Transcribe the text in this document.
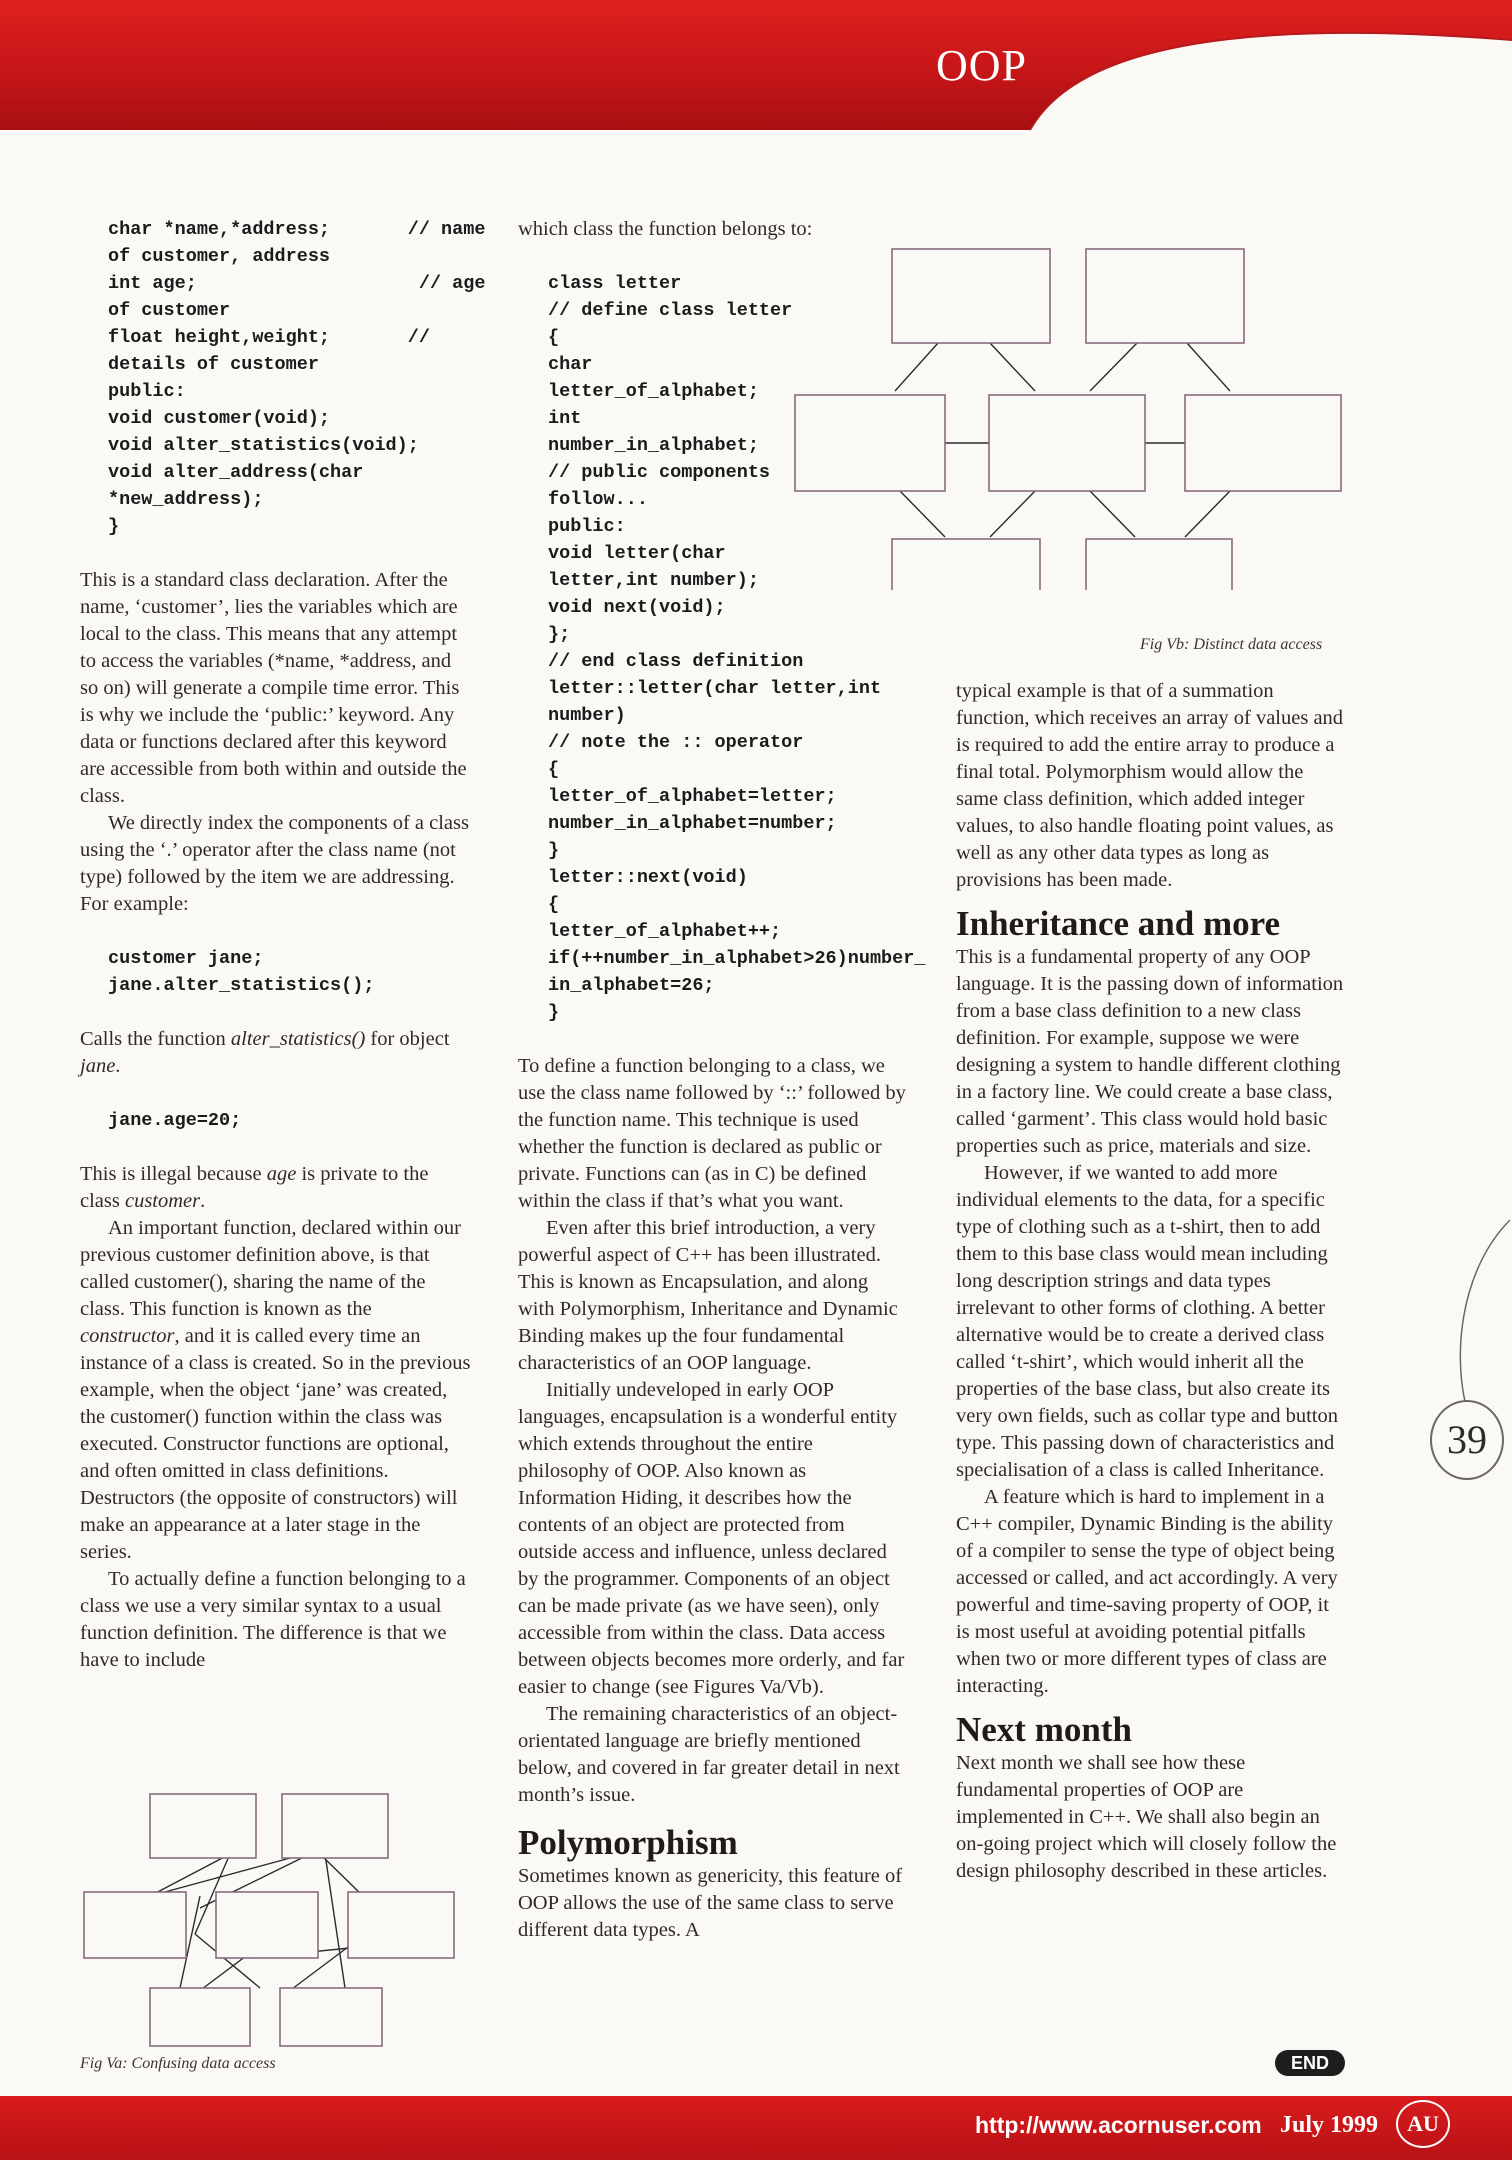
OOP
char *name,*address;       // name
of customer, address
int age;                    // age
of customer
float height,weight;       //
details of customer
public:
void customer(void);
void alter_statistics(void);
void alter_address(char
*new_address);
}

This is a standard class declaration. After the name, ‘customer’, lies the variables which are local to the class. This means that any attempt to access the variables (*name, *address, and so on) will generate a compile time error. This is why we include the ‘public:’ keyword. Any data or functions declared after this keyword are accessible from both within and outside the class.

We directly index the components of a class using the ‘.’ operator after the class name (not type) followed by the item we are addressing. For example:

customer jane;
jane.alter_statistics();

Calls the function alter_statistics() for object jane.

jane.age=20;

This is illegal because age is private to the class customer.

An important function, declared within our previous customer definition above, is that called customer(), sharing the name of the class. This function is known as the constructor, and it is called every time an instance of a class is created. So in the previous example, when the object ‘jane’ was created, the customer() function within the class was executed. Constructor functions are optional, and often omitted in class definitions. Destructors (the opposite of constructors) will make an appearance at a later stage in the series.

To actually define a function belonging to a class we use a very similar syntax to a usual function definition. The difference is that we have to include

Fig Va: Confusing data access
which class the function belongs to:
class letter
// define class letter
{
char
letter_of_alphabet;
int
number_in_alphabet;
// public components
follow...
public:
void letter(char
letter,int number);
void next(void);
};
// end class definition
letter::letter(char letter,int
number)
// note the :: operator
{
letter_of_alphabet=letter;
number_in_alphabet=number;
}
letter::next(void)
{
letter_of_alphabet++;
if(++number_in_alphabet>26)number_
in_alphabet=26;
}

To define a function belonging to a class, we use the class name followed by ‘::’ followed by the function name. This technique is used whether the function is declared as public or private. Functions can (as in C) be defined within the class if that’s what you want.

Even after this brief introduction, a very powerful aspect of C++ has been illustrated. This is known as Encapsulation, and along with Polymorphism, Inheritance and Dynamic Binding makes up the four fundamental characteristics of an OOP language.

Initially undeveloped in early OOP languages, encapsulation is a wonderful entity which extends throughout the entire philosophy of OOP. Also known as Information Hiding, it describes how the contents of an object are protected from outside access and influence, unless declared by the programmer. Components of an object can be made private (as we have seen), only accessible from within the class. Data access between objects becomes more orderly, and far easier to change (see Figures Va/Vb).

The remaining characteristics of an object-orientated language are briefly mentioned below, and covered in far greater detail in next month’s issue.

Polymorphism
Sometimes known as genericity, this feature of OOP allows the use of the same class to serve different data types. A
Fig Vb: Distinct data access
typical example is that of a summation function, which receives an array of values and is required to add the entire array to produce a final total. Polymorphism would allow the same class definition, which added integer values, to also handle floating point values, as well as any other data types as long as provisions has been made.
Inheritance and more

This is a fundamental property of any OOP language. It is the passing down of information from a base class definition to a new class definition. For example, suppose we were designing a system to handle different clothing in a factory line. We could create a base class, called ‘garment’. This class would hold basic properties such as price, materials and size.

However, if we wanted to add more individual elements to the data, for a specific type of clothing such as a t-shirt, then to add them to this base class would mean including long description strings and data types irrelevant to other forms of clothing. A better alternative would be to create a derived class called ‘t-shirt’, which would inherit all the properties of the base class, but also create its very own fields, such as collar type and button type. This passing down of characteristics and specialisation of a class is called Inheritance.

A feature which is hard to implement in a C++ compiler, Dynamic Binding is the ability of a compiler to sense the type of object being accessed or called, and act accordingly. A very powerful and time-saving property of OOP, it is most useful at avoiding potential pitfalls when two or more different types of class are interacting.

Next month
Next month we shall see how these fundamental properties of OOP are implemented in C++. We shall also begin an on-going project which will closely follow the design philosophy described in these articles.
END
39
http://www.acornuser.com July 1999	AU
